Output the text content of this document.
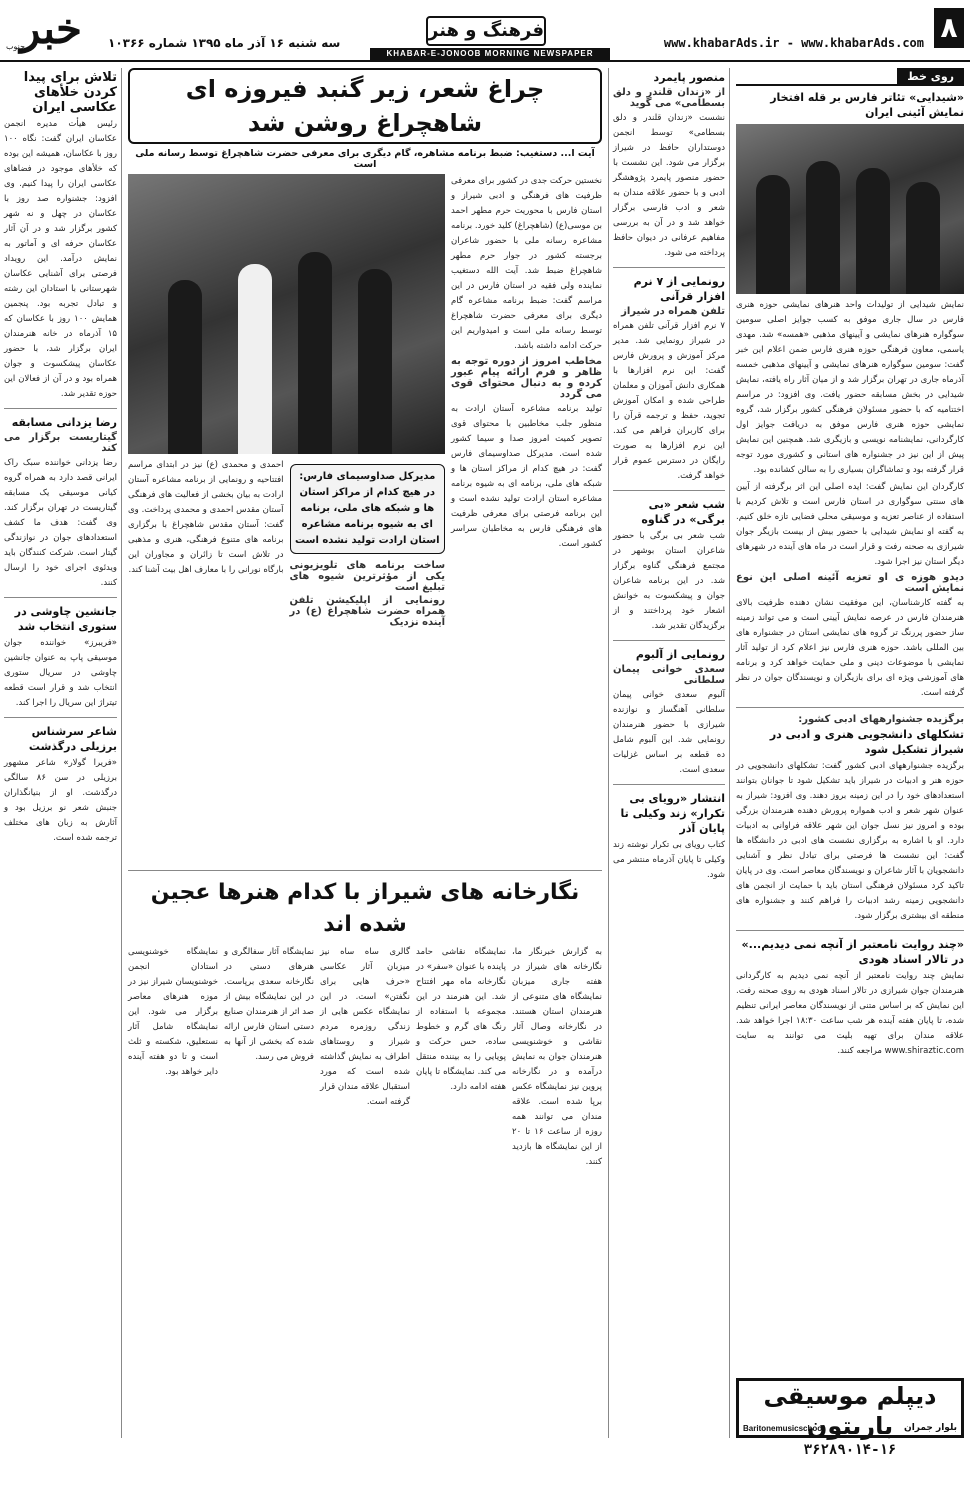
۸
www.khabarAds.ir - www.khabarAds.com
فرهنگ و هنر
KHABAR-E-JONOOB MORNING NEWSPAPER
خبر
جنوب	سه شنبه ۱۶ آذر ماه ۱۳۹۵ شماره ۱۰۳۶۶
روی خط
«شیدایی» تئاتر فارس بر قله افتخار نمایش آئینی ایران

نمایش شیدایی از تولیدات واحد هنرهای نمایشی حوزه هنری فارس در سال جاری موفق به کسب جوایز اصلی سومین سوگواره هنرهای نمایشی و آیینهای مذهبی «همسه» شد. مهدی یاسمی، معاون فرهنگی حوزه هنری فارس ضمن اعلام این خبر گفت: سومین سوگواره هنرهای نمایشی و آیینهای مذهبی خمسه آذرماه جاری در تهران برگزار شد و از میان آثار راه یافته، نمایش شیدایی در بخش مسابقه حضور یافت. وی افزود: در مراسم اختتامیه که با حضور مسئولان فرهنگی کشور برگزار شد، گروه نمایشی حوزه هنری فارس موفق به دریافت جوایز اول کارگردانی، نمایشنامه نویسی و بازیگری شد. همچنین این نمایش پیش از این نیز در جشنواره های استانی و کشوری مورد توجه قرار گرفته بود و تماشاگران بسیاری را به سالن کشانده بود.

کارگردان این نمایش گفت: ایده اصلی این اثر برگرفته از آیین های سنتی سوگواری در استان فارس است و تلاش کردیم با استفاده از عناصر تعزیه و موسیقی محلی فضایی تازه خلق کنیم. به گفته او نمایش شیدایی با حضور بیش از بیست بازیگر جوان شیرازی به صحنه رفت و قرار است در ماه های آینده در شهرهای دیگر استان نیز اجرا شود.

دیدو هوزه ی او تعزیه آئینه اصلی این نوع نمایش است

به گفته کارشناسان، این موفقیت نشان دهنده ظرفیت بالای هنرمندان فارس در عرصه نمایش آیینی است و می تواند زمینه ساز حضور پررنگ تر گروه های نمایشی استان در جشنواره های بین المللی باشد. حوزه هنری فارس نیز اعلام کرد از تولید آثار نمایشی با موضوعات دینی و ملی حمایت خواهد کرد و برنامه های آموزشی ویژه ای برای بازیگران و نویسندگان جوان در نظر گرفته است.

برگزیده جشنوارههای ادبی کشور:
تشکلهای دانشجویی هنری و ادبی در شیراز تشکیل شود

برگزیده جشنوارههای ادبی کشور گفت: تشکلهای دانشجویی در حوزه هنر و ادبیات در شیراز باید تشکیل شود تا جوانان بتوانند استعدادهای خود را در این زمینه بروز دهند. وی افزود: شیراز به عنوان شهر شعر و ادب همواره پرورش دهنده هنرمندان بزرگی بوده و امروز نیز نسل جوان این شهر علاقه فراوانی به ادبیات دارد. او با اشاره به برگزاری نشست های ادبی در دانشگاه ها گفت: این نشست ها فرصتی برای تبادل نظر و آشنایی دانشجویان با آثار شاعران و نویسندگان معاصر است. وی در پایان تاکید کرد مسئولان فرهنگی استان باید با حمایت از انجمن های دانشجویی زمینه رشد ادبیات را فراهم کنند و جشنواره های منطقه ای بیشتری برگزار شود.

«چند روایت نامعتبر از آنچه نمی دیدیم...» در تالار اسناد هودی

نمایش چند روایت نامعتبر از آنچه نمی دیدیم به کارگردانی هنرمندان جوان شیرازی در تالار اسناد هودی به روی صحنه رفت. این نمایش که بر اساس متنی از نویسندگان معاصر ایرانی تنظیم شده، تا پایان هفته آینده هر شب ساعت ۱۸:۳۰ اجرا خواهد شد. علاقه مندان برای تهیه بلیت می توانند به سایت www.shiraztic.com مراجعه کنند.

دیپلم موسیقی باریتون
۳۶۲۸۹۰۱۴-۱۶
Baritonemusicschool	بلوار جمران
منصور پایمرد
از «زندان قلندر و دلق بسطامی» می گوید

نشست «زندان قلندر و دلق بسطامی» توسط انجمن دوستداران حافظ در شیراز برگزار می شود. این نشست با حضور منصور پایمرد پژوهشگر ادبی و با حضور علاقه مندان به شعر و ادب فارسی برگزار خواهد شد و در آن به بررسی مفاهیم عرفانی در دیوان حافظ پرداخته می شود.

رونمایی از ۷ نرم افزار قرآنی
تلفن همراه در شیراز

۷ نرم افزار قرآنی تلفن همراه در شیراز رونمایی شد. مدیر مرکز آموزش و پرورش فارس گفت: این نرم افزارها با همکاری دانش آموزان و معلمان طراحی شده و امکان آموزش تجوید، حفظ و ترجمه قرآن را برای کاربران فراهم می کند. این نرم افزارها به صورت رایگان در دسترس عموم قرار خواهد گرفت.

شب شعر «بی برگی» در گناوه

شب شعر بی برگی با حضور شاعران استان بوشهر در مجتمع فرهنگی گناوه برگزار شد. در این برنامه شاعران جوان و پیشکسوت به خوانش اشعار خود پرداختند و از برگزیدگان تقدیر شد.

رونمایی از آلبوم
سعدی خوانی پیمان سلطانی

آلبوم سعدی خوانی پیمان سلطانی آهنگساز و نوازنده شیرازی با حضور هنرمندان رونمایی شد. این آلبوم شامل ده قطعه بر اساس غزلیات سعدی است.

انتشار «رویای بی تکرار» زند وکیلی تا پایان آذر

کتاب رویای بی تکرار نوشته زند وکیلی تا پایان آذرماه منتشر می شود.

چراغ شعر، زیر گنبد فیروزه ای شاهچراغ روشن شد
آیت ا... دستغیب: ضبط برنامه مشاهره، گام دیگری برای معرفی حضرت شاهچراغ توسط رسانه ملی است

نخستین حرکت جدی در کشور برای معرفی ظرفیت های فرهنگی و ادبی شیراز و استان فارس با محوریت حرم مطهر احمد بن موسی(ع) (شاهچراغ) کلید خورد. برنامه مشاعره رسانه ملی با حضور شاعران برجسته کشور در جوار حرم مطهر شاهچراغ ضبط شد. آیت الله دستغیب نماینده ولی فقیه در استان فارس در این مراسم گفت: ضبط برنامه مشاعره گام دیگری برای معرفی حضرت شاهچراغ توسط رسانه ملی است و امیدواریم این حرکت ادامه داشته باشد.

مخاطب امروز از دوره توجه به ظاهر و فرم ارائه پیام عبور کرده و به دنبال محتوای قوی می گردد

تولید برنامه مشاعره آستان ارادت به منظور جلب مخاطبین با محتوای قوی تصویر کمیت امروز صدا و سیما کشور شده است. مدیرکل صداوسیمای فارس گفت: در هیچ کدام از مراکز استان ها و شبکه های ملی، برنامه ای به شیوه برنامه مشاعره استان ارادت تولید نشده است و این برنامه فرصتی برای معرفی ظرفیت های فرهنگی فارس به مخاطبان سراسر کشور است.

مدیرکل صداوسیمای فارس:
در هیچ کدام از مراکز استان ها و شبکه های ملی، برنامه ای به شیوه برنامه مشاعره استان ارادت تولید نشده است
ساخت برنامه های تلویزیونی یکی از مؤثرترین شیوه های تبلیغ است
رونمایی از اپلیکیشن تلفن همراه حضرت شاهچراغ (ع) در آینده نزدیک

احمدی و محمدی (ع) نیز در ابتدای مراسم افتتاحیه و رونمایی از برنامه مشاعره آستان ارادت به بیان بخشی از فعالیت های فرهنگی آستان مقدس احمدی و محمدی پرداخت. وی گفت: آستان مقدس شاهچراغ با برگزاری برنامه های متنوع فرهنگی، هنری و مذهبی در تلاش است تا زائران و مجاوران این بارگاه نورانی را با معارف اهل بیت آشنا کند.

نگارخانه های شیراز با کدام هنرها عجین شده اند

به گزارش خبرنگار ما، نگارخانه های شیراز در هفته جاری میزبان نمایشگاه های متنوعی از هنرمندان استان هستند. در نگارخانه وصال آثار نقاشی و خوشنویسی هنرمندان جوان به نمایش درآمده و در نگارخانه پروین نیز نمایشگاه عکس برپا شده است. علاقه مندان می توانند همه روزه از ساعت ۱۶ تا ۲۰ از این نمایشگاه ها بازدید کنند.

نمایشگاه نقاشی حامد پاینده با عنوان «سفر» در نگارخانه ماه مهر افتتاح شد. این هنرمند در این مجموعه با استفاده از رنگ های گرم و خطوط ساده، حس حرکت و پویایی را به بیننده منتقل می کند. نمایشگاه تا پایان هفته ادامه دارد.

گالری ساه ساه نیز میزبان آثار عکاسی «حرف هایی برای نگفتن» است. در این نمایشگاه عکس هایی از زندگی روزمره مردم شیراز و روستاهای اطراف به نمایش گذاشته شده است که مورد استقبال علاقه مندان قرار گرفته است.

نمایشگاه آثار سفالگری و هنرهای دستی در نگارخانه سعدی برپاست. در این نمایشگاه بیش از صد اثر از هنرمندان صنایع دستی استان فارس ارائه شده که بخشی از آنها به فروش می رسد.

نمایشگاه خوشنویسی استادان انجمن خوشنویسان شیراز نیز در موزه هنرهای معاصر برگزار می شود. این نمایشگاه شامل آثار نستعلیق، شکسته و ثلث است و تا دو هفته آینده دایر خواهد بود.

تلاش برای پیدا کردن خلأهای عکاسی ایران

رئیس هیأت مدیره انجمن عکاسان ایران گفت: نگاه ۱۰۰ روز با عکاسان، همیشه این بوده که خلأهای موجود در فضاهای عکاسی ایران را پیدا کنیم. وی افزود: جشنواره صد روز با عکاسان در چهل و نه شهر کشور برگزار شد و در آن آثار عکاسان حرفه ای و آماتور به نمایش درآمد. این رویداد فرصتی برای آشنایی عکاسان شهرستانی با استادان این رشته و تبادل تجربه بود. پنجمین همایش ۱۰۰ روز با عکاسان که ۱۵ آذرماه در خانه هنرمندان ایران برگزار شد، با حضور عکاسان پیشکسوت و جوان همراه بود و در آن از فعالان این حوزه تقدیر شد.

رضا یزدانی مسابقه
گیتاریست برگزار می کند

رضا یزدانی خواننده سبک راک ایرانی قصد دارد به همراه گروه کیانی موسیقی یک مسابقه گیتاریست در تهران برگزار کند. وی گفت: هدف ما کشف استعدادهای جوان در نوازندگی گیتار است. شرکت کنندگان باید ویدئوی اجرای خود را ارسال کنند.

جانشین چاوشی در ستوری انتخاب شد

«فریبرز» خواننده جوان موسیقی پاپ به عنوان جانشین چاوشی در سریال ستوری انتخاب شد و قرار است قطعه تیتراژ این سریال را اجرا کند.

شاعر سرشناس برزیلی درگذشت

«فریرا گولار» شاعر مشهور برزیلی در سن ۸۶ سالگی درگذشت. او از بنیانگذاران جنبش شعر نو برزیل بود و آثارش به زبان های مختلف ترجمه شده است.
